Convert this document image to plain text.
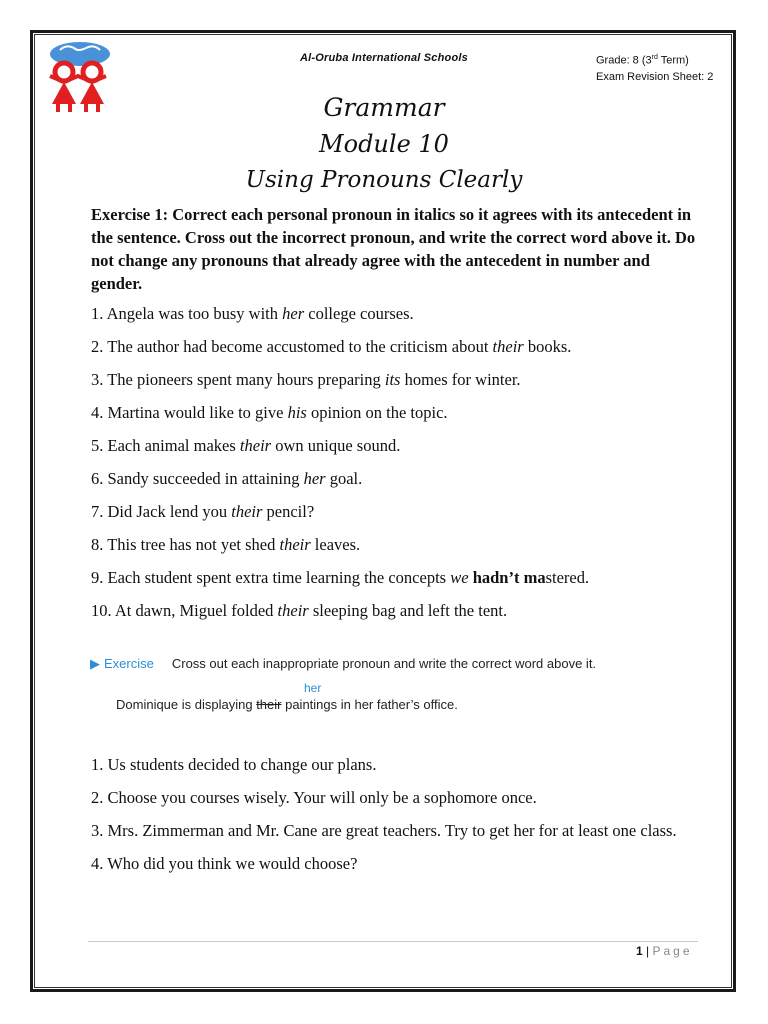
Al-Oruba International Schools	Grade: 8 (3rd Term)
Exam Revision Sheet: 2
Grammar
Module 10
Using Pronouns Clearly
Exercise 1: Correct each personal pronoun in italics so it agrees with its antecedent in the sentence. Cross out the incorrect pronoun, and write the correct word above it. Do not change any pronouns that already agree with the antecedent in number and gender.
1. Angela was too busy with her college courses.
2. The author had become accustomed to the criticism about their books.
3. The pioneers spent many hours preparing its homes for winter.
4. Martina would like to give his opinion on the topic.
5. Each animal makes their own unique sound.
6. Sandy succeeded in attaining her goal.
7. Did Jack lend you their pencil?
8. This tree has not yet shed their leaves.
9. Each student spent extra time learning the concepts we hadn’t mastered.
10. At dawn, Miguel folded their sleeping bag and left the tent.
▶ Exercise Cross out each inappropriate pronoun and write the correct word above it.
her
Dominique is displaying their paintings in her father’s office.
1. Us students decided to change our plans.
2. Choose you courses wisely. Your will only be a sophomore once.
3. Mrs. Zimmerman and Mr. Cane are great teachers. Try to get her for at least one class.
4. Who did you think we would choose?
1 | Page
